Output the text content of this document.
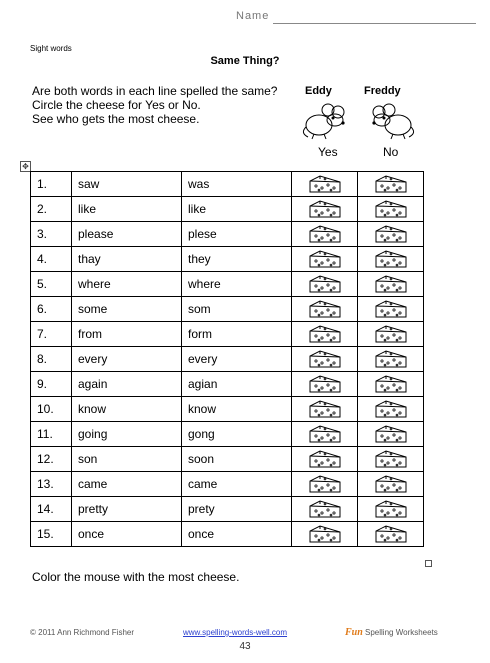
Name
Sight words
Same Thing?
Are both words in each line spelled the same?
Circle the cheese for Yes or No.
See who gets the most cheese.
Eddy	Freddy
Yes	No
✥
1.	saw	was	

2.	like	like	

3.	please	plese	

4.	thay	they	

5.	where	where	

6.	some	som	

7.	from	form	

8.	every	every	

9.	again	agian	

10.	know	know	

11.	going	gong	

12.	son	soon	

13.	came	came	

14.	pretty	prety	

15.	once	once	

Color the mouse with the most cheese.
© 2011 Ann Richmond Fisher	www.spelling-words-well.com	Fun Spelling Worksheets
43
